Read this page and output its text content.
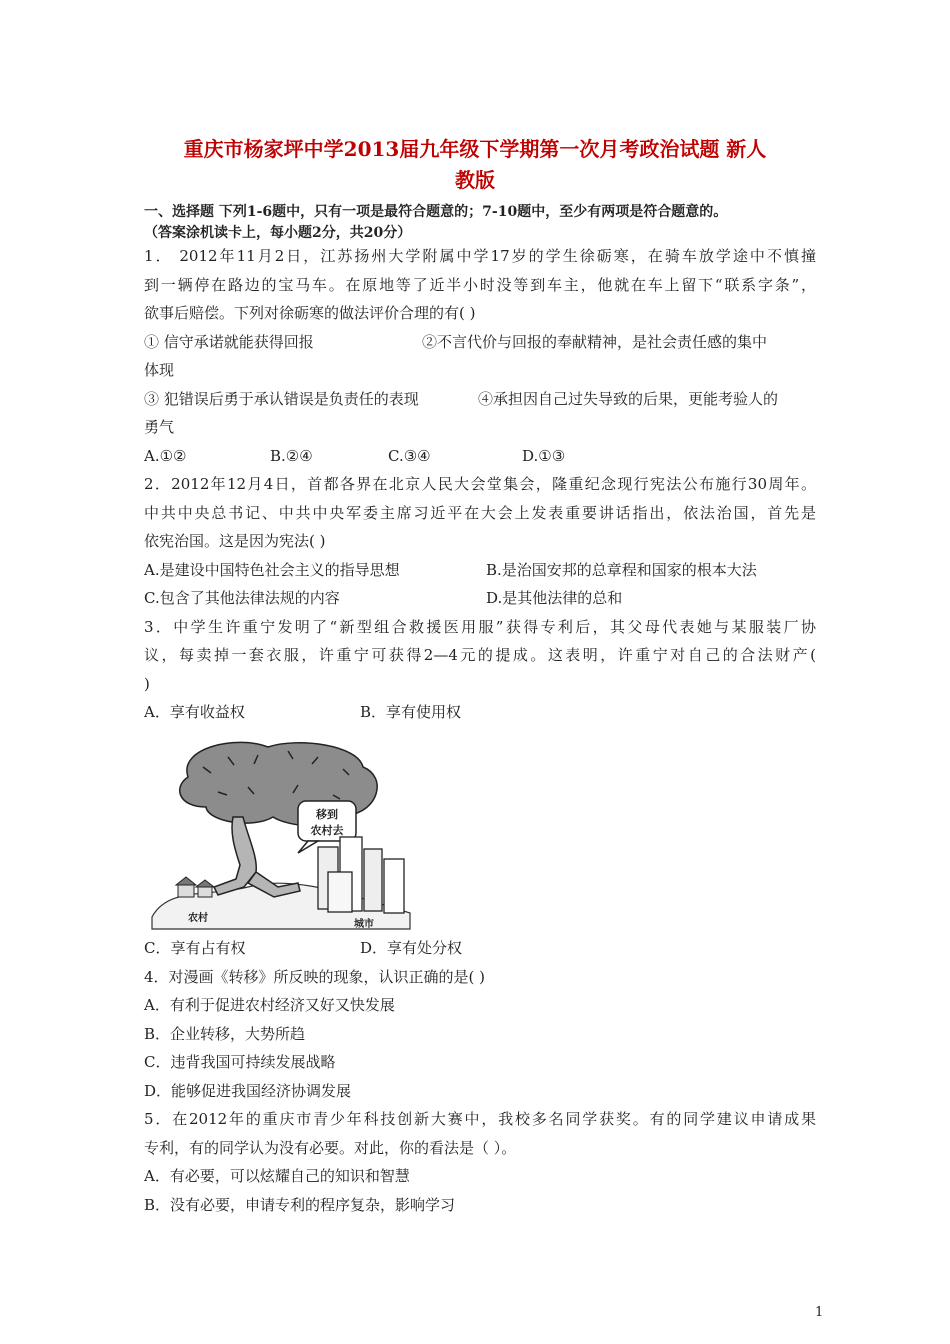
重庆市杨家坪中学2013届九年级下学期第一次月考政治试题 新人
教版
一、选择题 下列1-6题中，只有一项是最符合题意的；7-10题中，至少有两项是符合题意的。
（答案涂机读卡上，每小题2分，共20分）
1． 2012年11月2日，江苏扬州大学附属中学17岁的学生徐砺寒，在骑车放学途中不慎撞
到一辆停在路边的宝马车。在原地等了近半小时没等到车主，他就在车上留下“联系字条”，
欲事后赔偿。下列对徐砺寒的做法评价合理的有( )
① 信守承诺就能获得回报	②不言代价与回报的奉献精神，是社会责任感的集中
体现
③ 犯错误后勇于承认错误是负责任的表现	④承担因自己过失导致的后果，更能考验人的
勇气
A.①②	B.②④	C.③④	D.①③
2．2012年12月4日，首都各界在北京人民大会堂集会，隆重纪念现行宪法公布施行30周年。
中共中央总书记、中共中央军委主席习近平在大会上发表重要讲话指出，依法治国，首先是
依宪治国。这是因为宪法( )
A.是建设中国特色社会主义的指导思想	B.是治国安邦的总章程和国家的根本大法
C.包含了其他法律法规的内容	D.是其他法律的总和
3．中学生许重宁发明了“新型组合救援医用服”获得专利后，其父母代表她与某服装厂协
议，每卖掉一套衣服，许重宁可获得2—4元的提成。这表明，许重宁对自己的合法财产(
)
A．享有收益权	B．享有使用权
移到
农村去
农村
城市
C．享有占有权	D．享有处分权
4．对漫画《转移》所反映的现象，认识正确的是( )
A．有利于促进农村经济又好又快发展
B．企业转移，大势所趋
C．违背我国可持续发展战略
D．能够促进我国经济协调发展
5．在2012年的重庆市青少年科技创新大赛中，我校多名同学获奖。有的同学建议申请成果
专利，有的同学认为没有必要。对此，你的看法是（ ）。
A．有必要，可以炫耀自己的知识和智慧
B．没有必要，申请专利的程序复杂，影响学习
1
